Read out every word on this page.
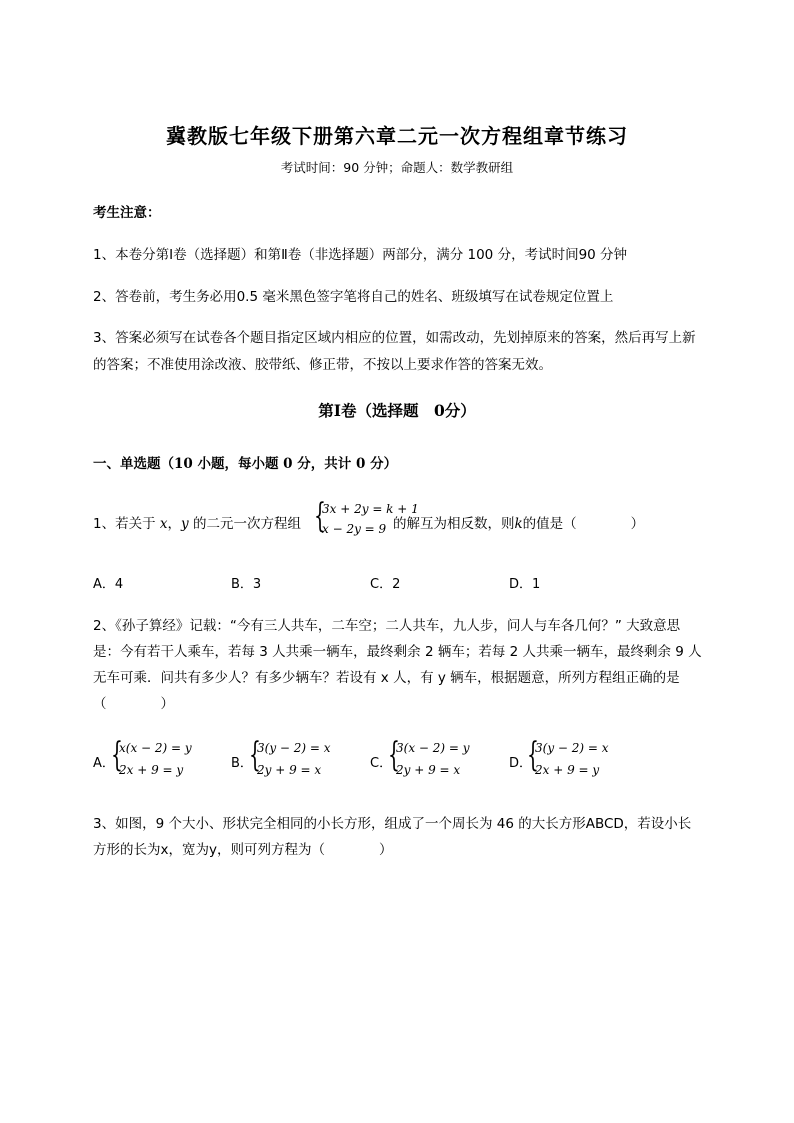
冀教版七年级下册第六章二元一次方程组章节练习
考试时间：90 分钟；命题人：数学教研组
考生注意：
1、本卷分第Ⅰ卷（选择题）和第Ⅱ卷（非选择题）两部分，满分 100 分，考试时间90 分钟
2、答卷前，考生务必用0.5 毫米黑色签字笔将自己的姓名、班级填写在试卷规定位置上
3、答案必须写在试卷各个题目指定区域内相应的位置，如需改动，先划掉原来的答案，然后再写上新
的答案；不准使用涂改液、胶带纸、修正带，不按以上要求作答的答案无效。
第Ⅰ卷（选择题　0分）
一、单选题（10 小题，每小题 0 分，共计 0 分）
1、若关于 x，y 的二元一次方程组	的解互为相反数，则k的值是（　　　　）
{
3x + 2y = k + 1
x − 2y = 9
A．4	B．3	C．2	D．1
2、《孙子算经》记载：“今有三人共车，二车空；二人共车，九人步，问人与车各几何？” 大致意思
是：今有若干人乘车，若每 3 人共乘一辆车，最终剩余 2 辆车；若每 2 人共乘一辆车，最终剩余 9 人
无车可乘．问共有多少人？有多少辆车？若设有 x 人，有 y 辆车，根据题意，所列方程组正确的是
（　　　　）
A．
{
x(x − 2) = y
2x + 9 = y	B．
{
3(y − 2) = x
2y + 9 = x	C．
{
3(x − 2) = y
2y + 9 = x	D．
{
3(y − 2) = x
2x + 9 = y
3、如图，9 个大小、形状完全相同的小长方形，组成了一个周长为 46 的大长方形ABCD，若设小长
方形的长为x，宽为y，则可列方程为（　　　　）
